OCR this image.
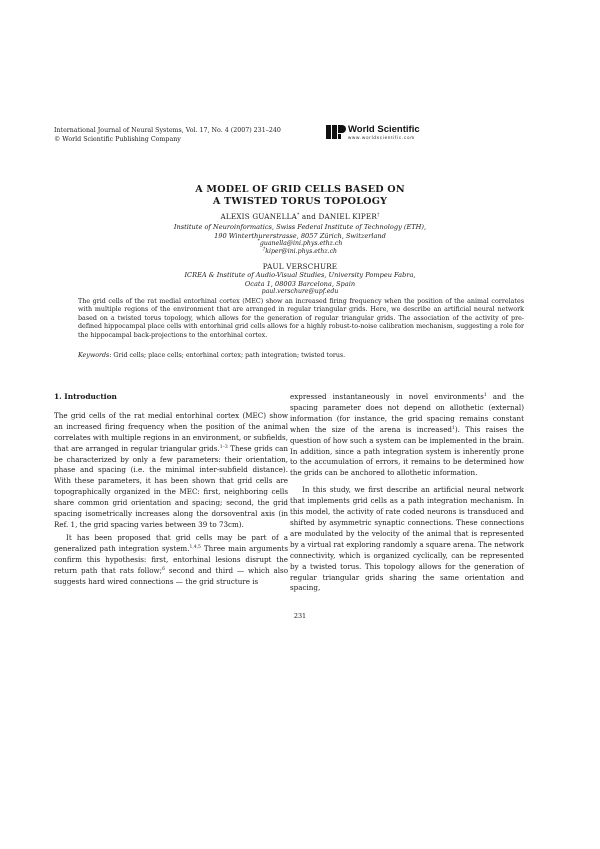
International Journal of Neural Systems, Vol. 17, No. 4 (2007) 231–240
© World Scientific Publishing Company
World Scientific
www.worldscientific.com
A MODEL OF GRID CELLS BASED ON
A TWISTED TORUS TOPOLOGY
ALEXIS GUANELLA* and DANIEL KIPER†
Institute of Neuroinformatics, Swiss Federal Institute of Technology (ETH),
190 Winterthurerstrasse, 8057 Zürich, Switzerland
*guanella@ini.phys.ethz.ch
†kiper@ini.phys.ethz.ch
PAUL VERSCHURE
ICREA & Institute of Audio-Visual Studies, University Pompeu Fabra,
Ocata 1, 08003 Barcelona, Spain
paul.verschure@upf.edu
The grid cells of the rat medial entorhinal cortex (MEC) show an increased firing frequency when the position of the animal correlates with multiple regions of the environment that are arranged in regular triangular grids. Here, we describe an artificial neural network based on a twisted torus topology, which allows for the generation of regular triangular grids. The association of the activity of pre-defined hippocampal place cells with entorhinal grid cells allows for a highly robust-to-noise calibration mechanism, suggesting a role for the hippocampal back-projections to the entorhinal cortex.
Keywords: Grid cells; place cells; entorhinal cortex; path integration; twisted torus.
1. Introduction

The grid cells of the rat medial entorhinal cortex (MEC) show an increased firing frequency when the position of the animal correlates with multiple regions in an environment, or subfields, that are arranged in regular triangular grids.$^{1-3}$ These grids can be characterized by only a few parameters: their orientation, phase and spacing (i.e. the minimal inter-subfield distance). With these parameters, it has been shown that grid cells are topographically organized in the MEC: first, neighboring cells share common grid orientation and spacing; second, the grid spacing isometrically increases along the dorsoventral axis (in Ref. 1, the grid spacing varies between 39 to 73cm).

It has been proposed that grid cells may be part of a generalized path integration system.$^{1,4,5}$ Three main arguments confirm this hypothesis: first, entorhinal lesions disrupt the return path that rats follow;$^6$ second and third — which also suggests hard wired connections — the grid structure is

expressed instantaneously in novel environments$^1$ and the spacing parameter does not depend on allothetic (external) information (for instance, the grid spacing remains constant when the size of the arena is increased$^1$). This raises the question of how such a system can be implemented in the brain. In addition, since a path integration system is inherently prone to the accumulation of errors, it remains to be determined how the grids can be anchored to allothetic information.

In this study, we first describe an artificial neural network that implements grid cells as a path integration mechanism. In this model, the activity of rate coded neurons is transduced and shifted by asymmetric synaptic connections. These connections are modulated by the velocity of the animal that is represented by a virtual rat exploring randomly a square arena. The network connectivity, which is organized cyclically, can be represented by a twisted torus. This topology allows for the generation of regular triangular grids sharing the same orientation and spacing,

231
